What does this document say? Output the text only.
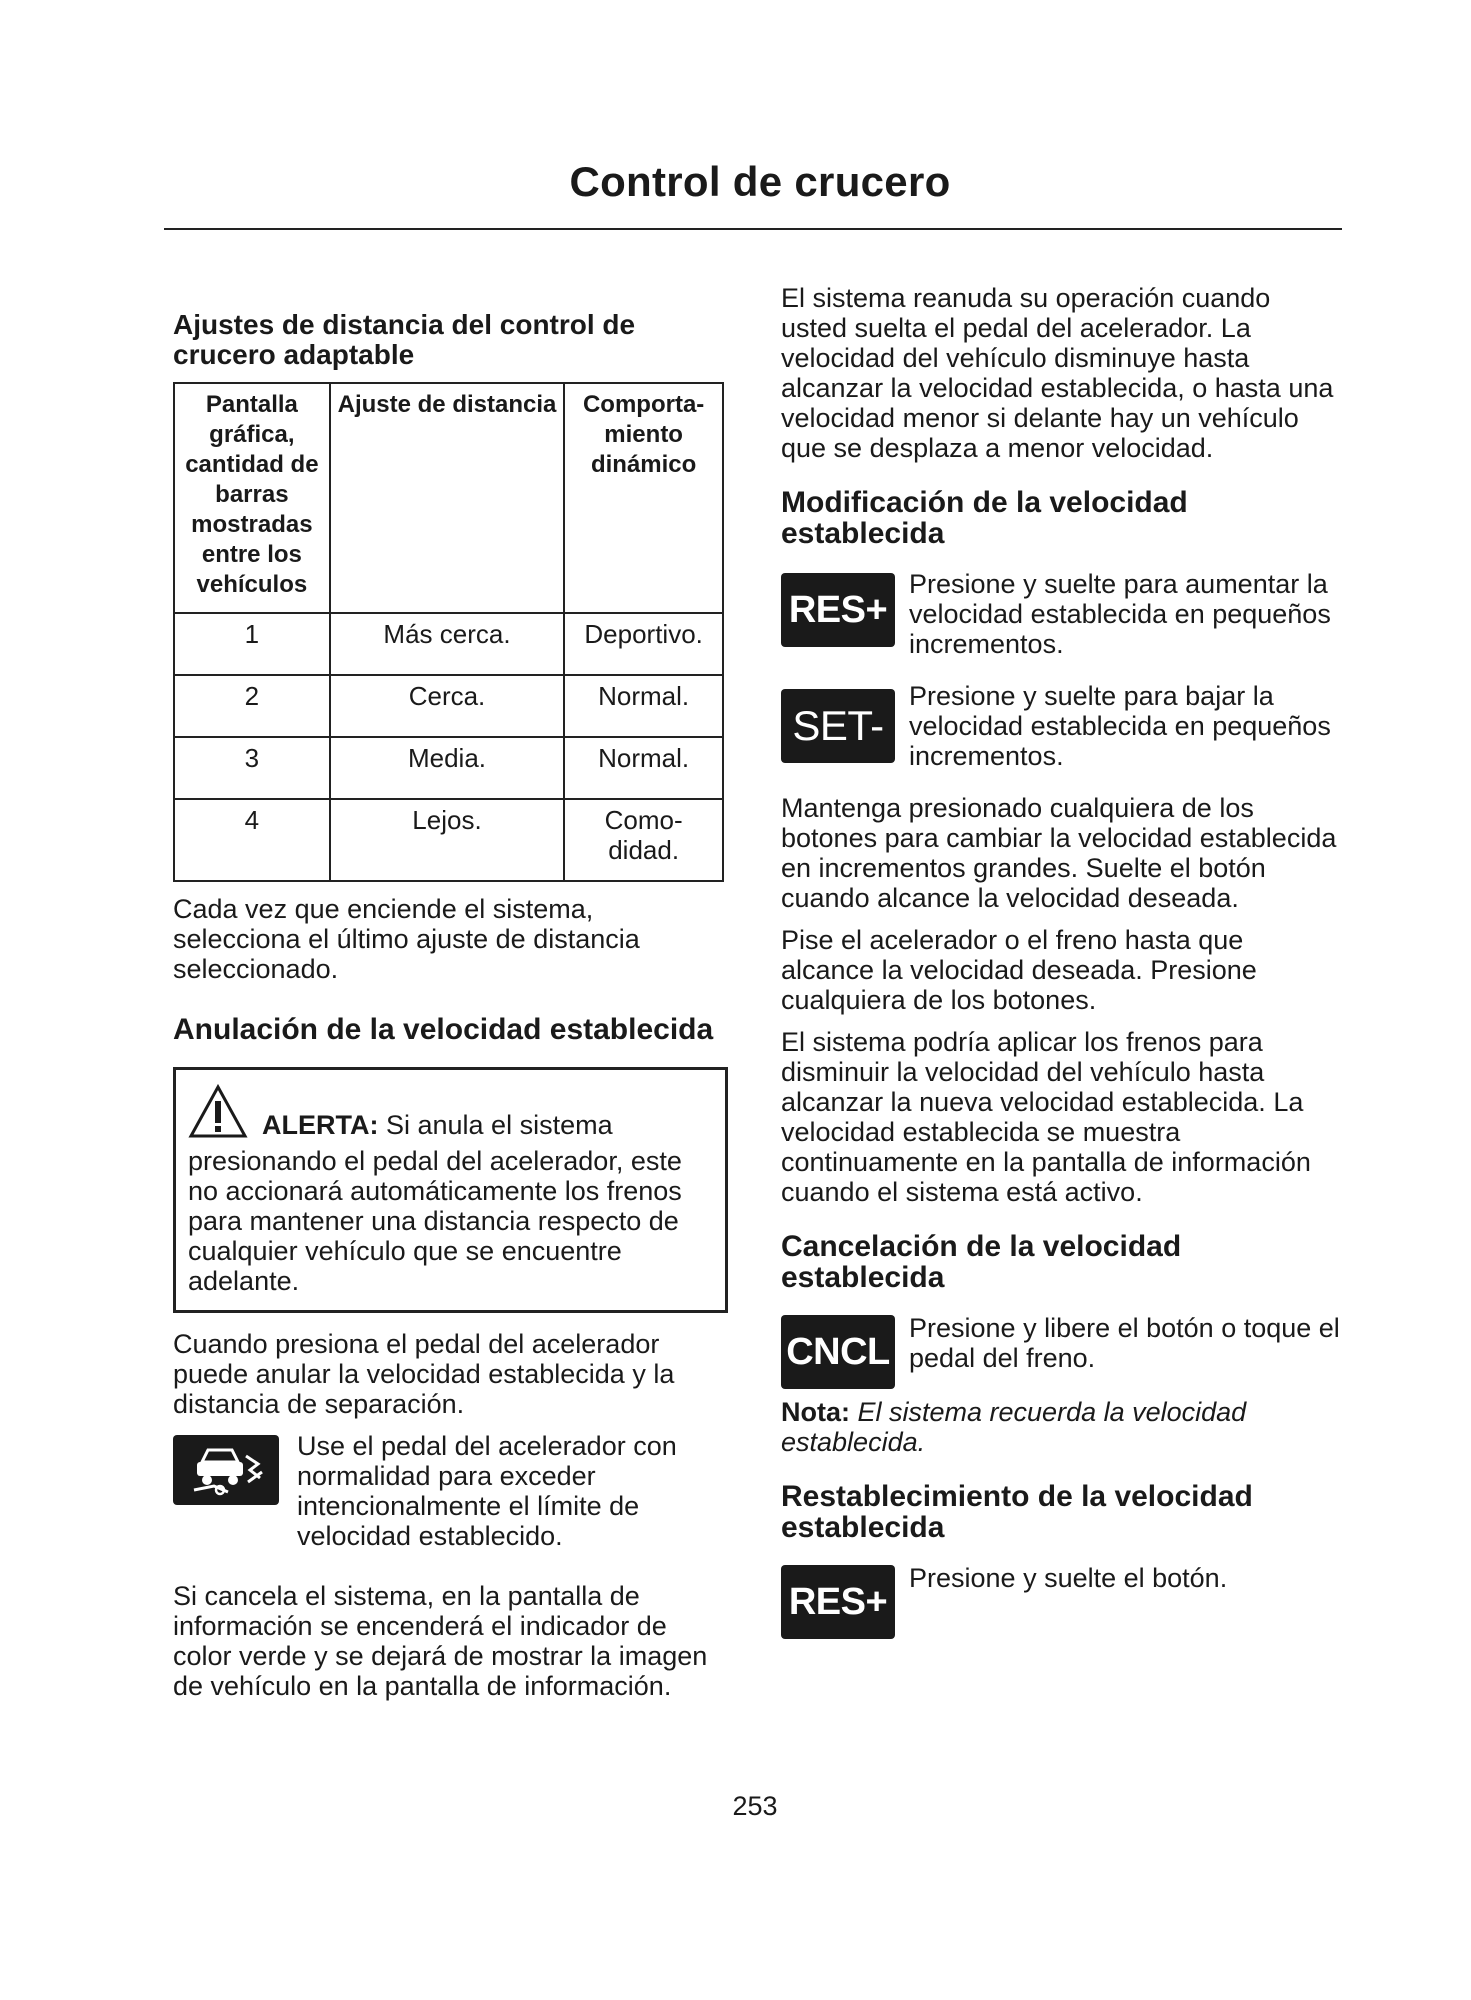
Control de crucero
Ajustes de distancia del control de crucero adaptable
Pantalla gráfica, cantidad de barras mostradas entre los vehículos	Ajuste de distancia	Comporta-miento dinámico
1	Más cerca.	Deportivo.
2	Cerca.	Normal.
3	Media.	Normal.
4	Lejos.	Como-didad.

Cada vez que enciende el sistema, selecciona el último ajuste de distancia seleccionado.

Anulación de la velocidad establecida

ALERTA: Si anula el sistema presionando el pedal del acelerador, este no accionará automáticamente los frenos para mantener una distancia respecto de cualquier vehículo que se encuentre adelante.

Cuando presiona el pedal del acelerador puede anular la velocidad establecida y la distancia de separación.

Use el pedal del acelerador con normalidad para exceder intencionalmente el límite de velocidad establecido.

Si cancela el sistema, en la pantalla de información se encenderá el indicador de color verde y se dejará de mostrar la imagen de vehículo en la pantalla de información.

El sistema reanuda su operación cuando usted suelta el pedal del acelerador. La velocidad del vehículo disminuye hasta alcanzar la velocidad establecida, o hasta una velocidad menor si delante hay un vehículo que se desplaza a menor velocidad.

Modificación de la velocidad establecida
RES+

Presione y suelte para aumentar la velocidad establecida en pequeños incrementos.

SET-

Presione y suelte para bajar la velocidad establecida en pequeños incrementos.

Mantenga presionado cualquiera de los botones para cambiar la velocidad establecida en incrementos grandes. Suelte el botón cuando alcance la velocidad deseada.

Pise el acelerador o el freno hasta que alcance la velocidad deseada. Presione cualquiera de los botones.

El sistema podría aplicar los frenos para disminuir la velocidad del vehículo hasta alcanzar la nueva velocidad establecida. La velocidad establecida se muestra continuamente en la pantalla de información cuando el sistema está activo.

Cancelación de la velocidad establecida
CNCL

Presione y libere el botón o toque el pedal del freno.

Nota: El sistema recuerda la velocidad establecida.

Restablecimiento de la velocidad establecida
RES+

Presione y suelte el botón.

253
